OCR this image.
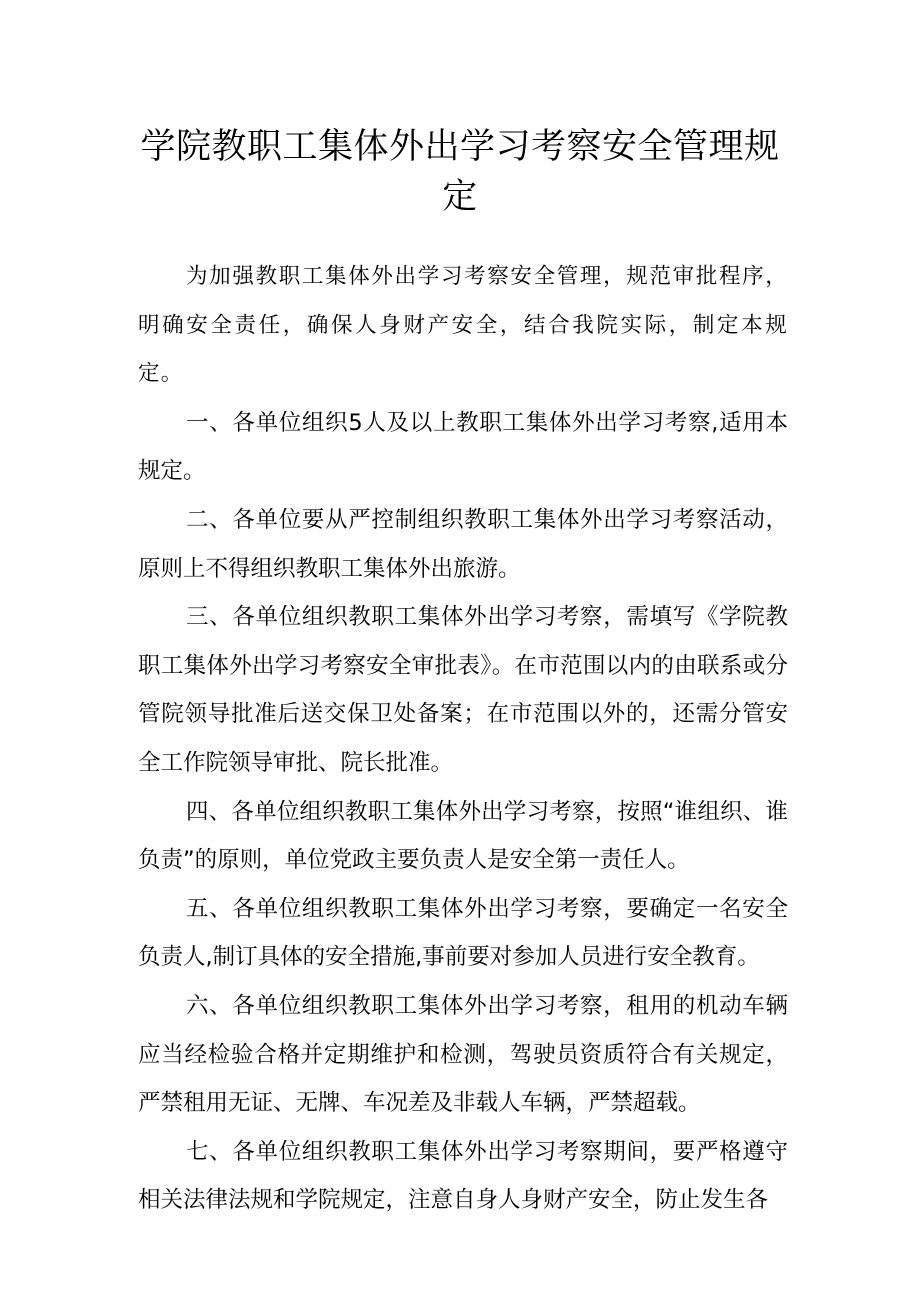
学院教职工集体外出学习考察安全管理规
定

为加强教职工集体外出学习考察安全管理，规范审批程序，明确安全责任，确保人身财产安全，结合我院实际，制定本规定。

一、各单位组织5人及以上教职工集体外出学习考察,适用本规定。

二、各单位要从严控制组织教职工集体外出学习考察活动，原则上不得组织教职工集体外出旅游。

三、各单位组织教职工集体外出学习考察，需填写《学院教职工集体外出学习考察安全审批表》。在市范围以内的由联系或分管院领导批准后送交保卫处备案；在市范围以外的，还需分管安全工作院领导审批、院长批准。

四、各单位组织教职工集体外出学习考察，按照“谁组织、谁负责”的原则，单位党政主要负责人是安全第一责任人。

五、各单位组织教职工集体外出学习考察，要确定一名安全负责人,制订具体的安全措施,事前要对参加人员进行安全教育。

六、各单位组织教职工集体外出学习考察，租用的机动车辆应当经检验合格并定期维护和检测，驾驶员资质符合有关规定，严禁租用无证、无牌、车况差及非载人车辆，严禁超载。

七、各单位组织教职工集体外出学习考察期间，要严格遵守相关法律法规和学院规定，注意自身人身财产安全，防止发生各
